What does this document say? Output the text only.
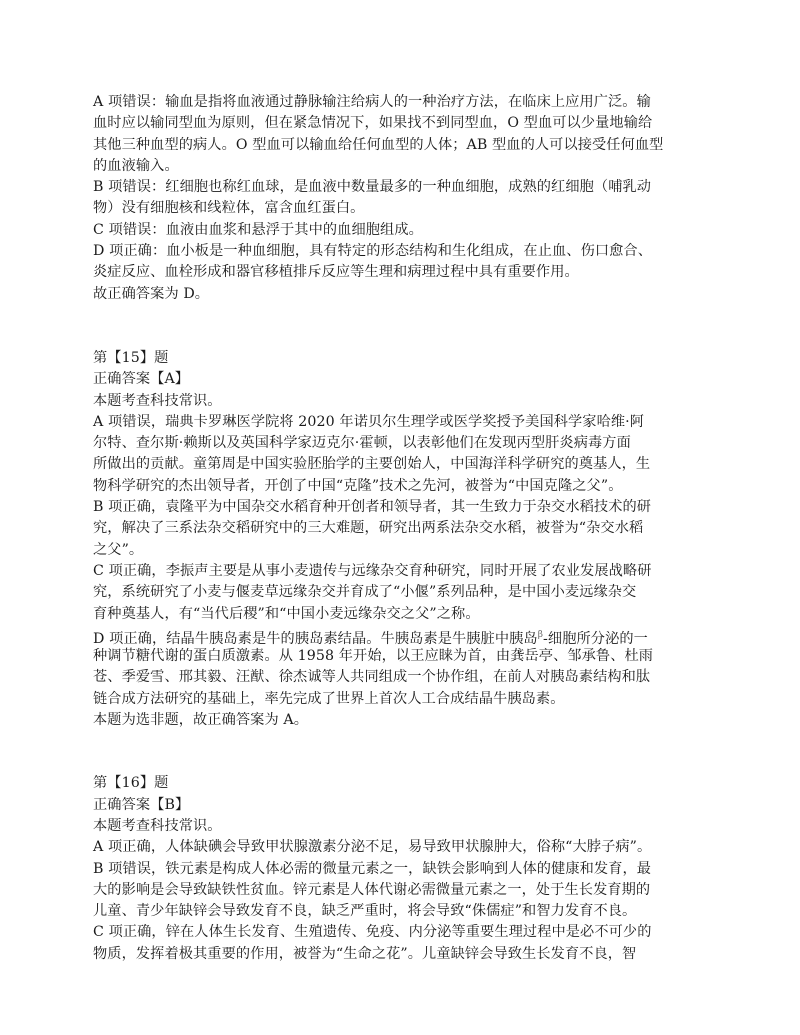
A 项错误：输血是指将血液通过静脉输注给病人的一种治疗方法，在临床上应用广泛。输
血时应以输同型血为原则，但在紧急情况下，如果找不到同型血，O 型血可以少量地输给
其他三种血型的病人。O 型血可以输血给任何血型的人体；AB 型血的人可以接受任何血型
的血液输入。
B 项错误：红细胞也称红血球，是血液中数量最多的一种血细胞，成熟的红细胞（哺乳动
物）没有细胞核和线粒体，富含血红蛋白。
C 项错误：血液由血浆和悬浮于其中的血细胞组成。
D 项正确：血小板是一种血细胞，具有特定的形态结构和生化组成，在止血、伤口愈合、
炎症反应、血栓形成和器官移植排斥反应等生理和病理过程中具有重要作用。
故正确答案为 D。
第【15】题
正确答案【A】
本题考查科技常识。
A 项错误，瑞典卡罗琳医学院将 2020 年诺贝尔生理学或医学奖授予美国科学家哈维·阿
尔特、查尔斯·赖斯以及英国科学家迈克尔·霍顿，以表彰他们在发现丙型肝炎病毒方面
所做出的贡献。童第周是中国实验胚胎学的主要创始人，中国海洋科学研究的奠基人，生
物科学研究的杰出领导者，开创了中国“克隆”技术之先河，被誉为“中国克隆之父”。
B 项正确，袁隆平为中国杂交水稻育种开创者和领导者，其一生致力于杂交水稻技术的研
究，解决了三系法杂交稻研究中的三大难题，研究出两系法杂交水稻，被誉为“杂交水稻
之父”。
C 项正确，李振声主要是从事小麦遗传与远缘杂交育种研究，同时开展了农业发展战略研
究，系统研究了小麦与偃麦草远缘杂交并育成了“小偃”系列品种，是中国小麦远缘杂交
育种奠基人，有“当代后稷”和“中国小麦远缘杂交之父”之称。
D 项正确，结晶牛胰岛素是牛的胰岛素结晶。牛胰岛素是牛胰脏中胰岛$^\beta$-细胞所分泌的一
种调节糖代谢的蛋白质激素。从 1958 年开始，以王应睐为首，由龚岳亭、邹承鲁、杜雨
苍、季爱雪、邢其毅、汪猷、徐杰诚等人共同组成一个协作组，在前人对胰岛素结构和肽
链合成方法研究的基础上，率先完成了世界上首次人工合成结晶牛胰岛素。
本题为选非题，故正确答案为 A。
第【16】题
正确答案【B】
本题考查科技常识。
A 项正确，人体缺碘会导致甲状腺激素分泌不足，易导致甲状腺肿大，俗称“大脖子病”。
B 项错误，铁元素是构成人体必需的微量元素之一，缺铁会影响到人体的健康和发育，最
大的影响是会导致缺铁性贫血。锌元素是人体代谢必需微量元素之一，处于生长发育期的
儿童、青少年缺锌会导致发育不良，缺乏严重时，将会导致“侏儒症”和智力发育不良。
C 项正确，锌在人体生长发育、生殖遗传、免疫、内分泌等重要生理过程中是必不可少的
物质，发挥着极其重要的作用，被誉为“生命之花”。儿童缺锌会导致生长发育不良，智
